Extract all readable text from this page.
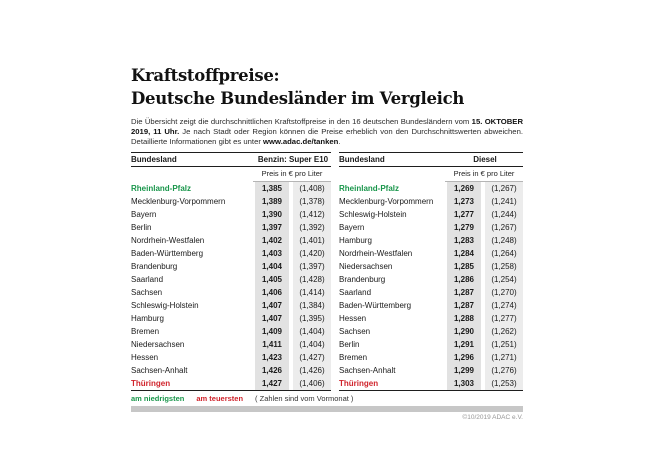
Kraftstoffpreise:
Deutsche Bundesländer im Vergleich

Die Übersicht zeigt die durchschnittlichen Kraftstoffpreise in den 16 deutschen Bundesländern vom 15. OKTOBER 2019, 11 Uhr. Je nach Stadt oder Region können die Preise erheblich von den Durchschnittswerten abweichen. Detaillierte Informationen gibt es unter www.adac.de/tanken.

Bundesland	Benzin: Super E10
Preis in € pro Liter
Rheinland-Pfalz	1,385	(1,408)
Mecklenburg-Vorpommern	1,389	(1,378)
Bayern	1,390	(1,412)
Berlin	1,397	(1,392)
Nordrhein-Westfalen	1,402	(1,401)
Baden-Württemberg	1,403	(1,420)
Brandenburg	1,404	(1,397)
Saarland	1,405	(1,428)
Sachsen	1,406	(1,414)
Schleswig-Holstein	1,407	(1,384)
Hamburg	1,407	(1,395)
Bremen	1,409	(1,404)
Niedersachsen	1,411	(1,404)
Hessen	1,423	(1,427)
Sachsen-Anhalt	1,426	(1,426)
Thüringen	1,427	(1,406)
Bundesland	Diesel
Preis in € pro Liter
Rheinland-Pfalz	1,269	(1,267)
Mecklenburg-Vorpommern	1,273	(1,241)
Schleswig-Holstein	1,277	(1,244)
Bayern	1,279	(1,267)
Hamburg	1,283	(1,248)
Nordrhein-Westfalen	1,284	(1,264)
Niedersachsen	1,285	(1,258)
Brandenburg	1,286	(1,254)
Saarland	1,287	(1,270)
Baden-Württemberg	1,287	(1,274)
Hessen	1,288	(1,277)
Sachsen	1,290	(1,262)
Berlin	1,291	(1,251)
Bremen	1,296	(1,271)
Sachsen-Anhalt	1,299	(1,276)
Thüringen	1,303	(1,253)
am niedrigsten am teuersten ( Zahlen sind vom Vormonat )
©10/2019 ADAC e.V.
